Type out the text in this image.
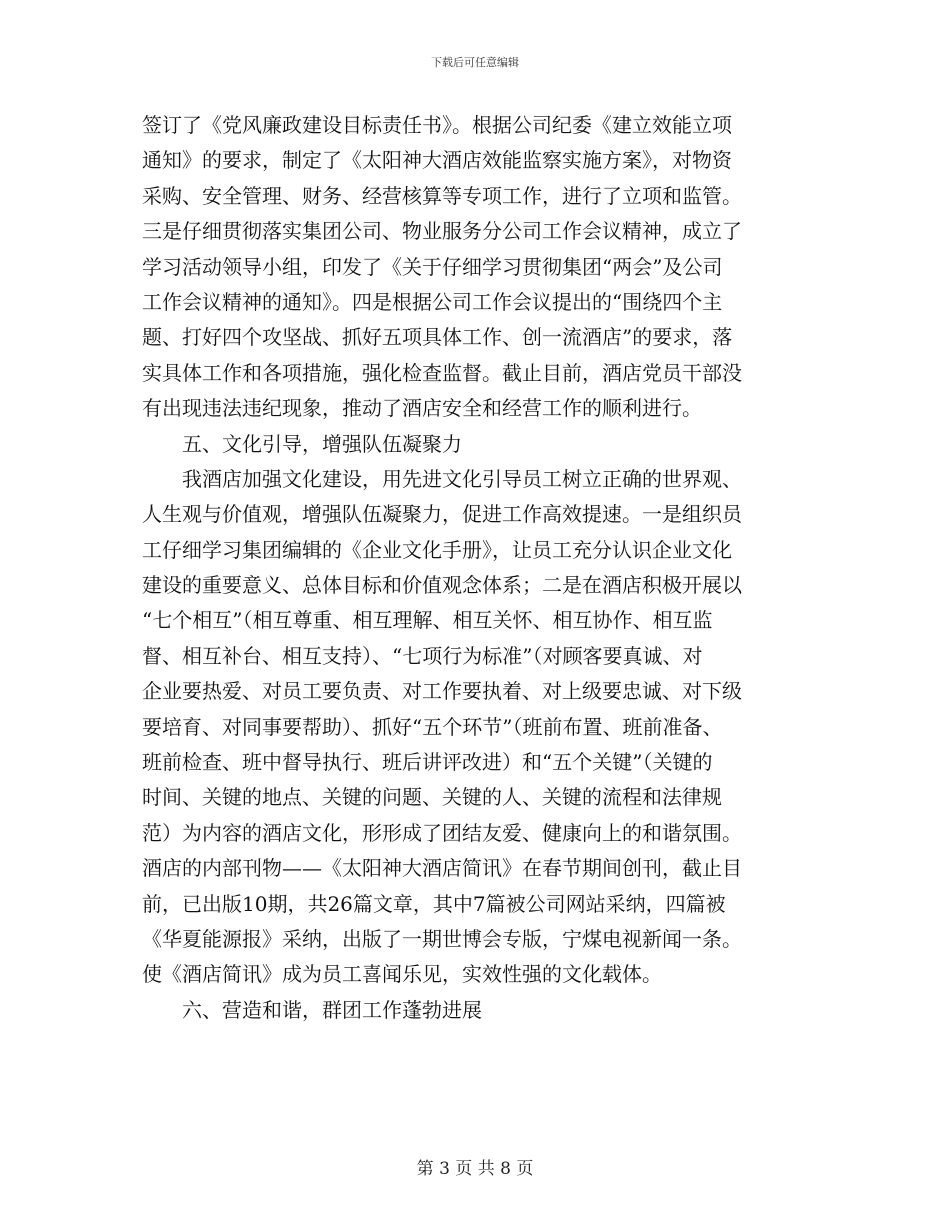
下载后可任意编辑
签订了《党风廉政建设目标责任书》。根据公司纪委《建立效能立项
通知》的要求，制定了《太阳神大酒店效能监察实施方案》，对物资
采购、安全管理、财务、经营核算等专项工作，进行了立项和监管。
三是仔细贯彻落实集团公司、物业服务分公司工作会议精神，成立了
学习活动领导小组，印发了《关于仔细学习贯彻集团“两会”及公司
工作会议精神的通知》。四是根据公司工作会议提出的“围绕四个主
题、打好四个攻坚战、抓好五项具体工作、创一流酒店”的要求，落
实具体工作和各项措施，强化检查监督。截止目前，酒店党员干部没
有出现违法违纪现象，推动了酒店安全和经营工作的顺利进行。
五、文化引导，增强队伍凝聚力
我酒店加强文化建设，用先进文化引导员工树立正确的世界观、
人生观与价值观，增强队伍凝聚力，促进工作高效提速。一是组织员
工仔细学习集团编辑的《企业文化手册》，让员工充分认识企业文化
建设的重要意义、总体目标和价值观念体系；二是在酒店积极开展以
“七个相互”（相互尊重、相互理解、相互关怀、相互协作、相互监
督、相互补台、相互支持）、“七项行为标准”（对顾客要真诚、对
企业要热爱、对员工要负责、对工作要执着、对上级要忠诚、对下级
要培育、对同事要帮助）、抓好“五个环节”（班前布置、班前准备、
班前检查、班中督导执行、班后讲评改进）和“五个关键”（关键的
时间、关键的地点、关键的问题、关键的人、关键的流程和法律规
范）为内容的酒店文化，形形成了团结友爱、健康向上的和谐氛围。
酒店的内部刊物——《太阳神大酒店简讯》在春节期间创刊，截止目
前，已出版10期，共26篇文章，其中7篇被公司网站采纳，四篇被
《华夏能源报》采纳，出版了一期世博会专版，宁煤电视新闻一条。
使《酒店简讯》成为员工喜闻乐见，实效性强的文化载体。
六、营造和谐，群团工作蓬勃进展
第 3 页 共 8 页
